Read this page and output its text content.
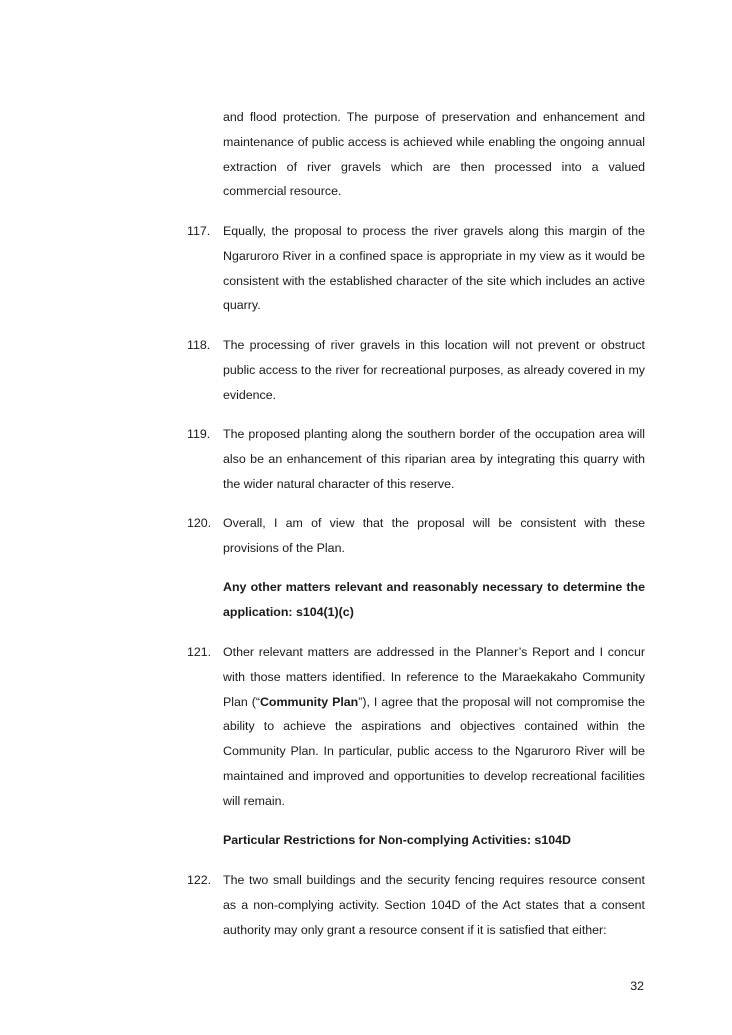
and flood protection. The purpose of preservation and enhancement and maintenance of public access is achieved while enabling the ongoing annual extraction of river gravels which are then processed into a valued commercial resource.

117. Equally, the proposal to process the river gravels along this margin of the Ngaruroro River in a confined space is appropriate in my view as it would be consistent with the established character of the site which includes an active quarry.

118. The processing of river gravels in this location will not prevent or obstruct public access to the river for recreational purposes, as already covered in my evidence.

119. The proposed planting along the southern border of the occupation area will also be an enhancement of this riparian area by integrating this quarry with the wider natural character of this reserve.

120. Overall, I am of view that the proposal will be consistent with these provisions of the Plan.

Any other matters relevant and reasonably necessary to determine the application: s104(1)(c)

121. Other relevant matters are addressed in the Planner’s Report and I concur with those matters identified. In reference to the Maraekakaho Community Plan (“Community Plan”), I agree that the proposal will not compromise the ability to achieve the aspirations and objectives contained within the Community Plan. In particular, public access to the Ngaruroro River will be maintained and improved and opportunities to develop recreational facilities will remain.

Particular Restrictions for Non-complying Activities: s104D

122. The two small buildings and the security fencing requires resource consent as a non-complying activity. Section 104D of the Act states that a consent authority may only grant a resource consent if it is satisfied that either:

32
